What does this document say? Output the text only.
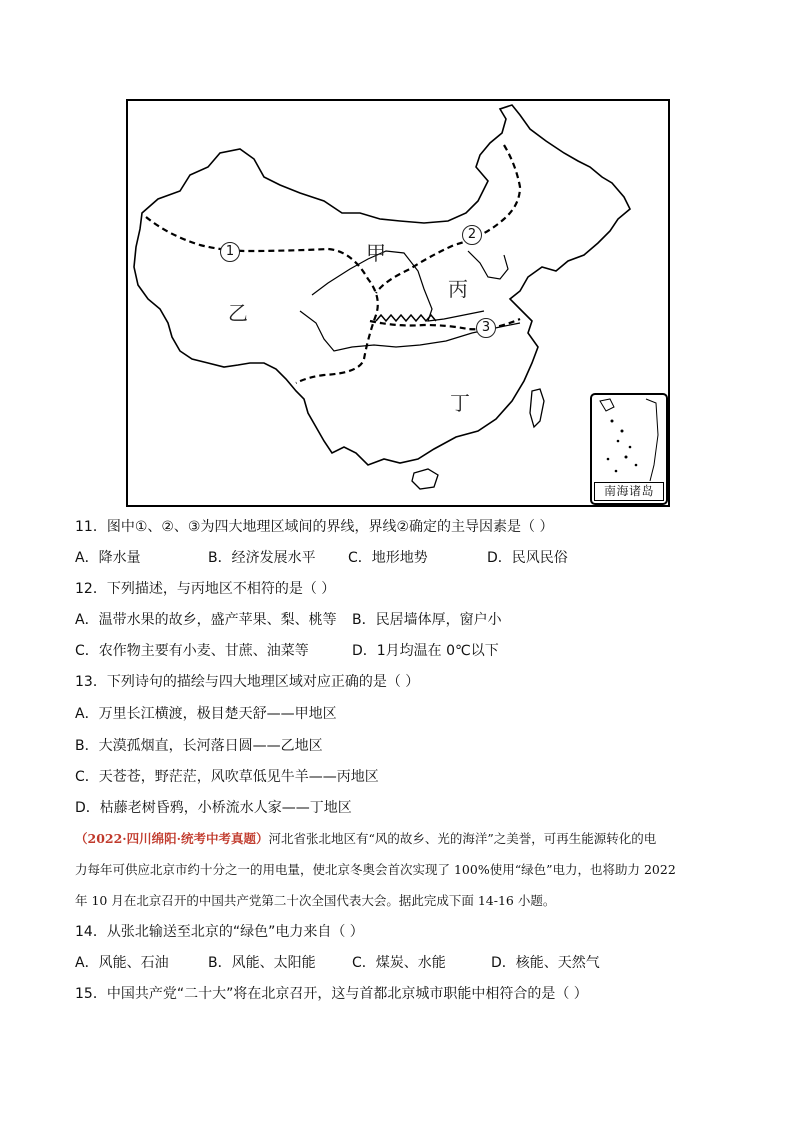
甲
乙
丙
丁
1
2
3
南海诸岛
11．图中①、②、③为四大地理区域间的界线，界线②确定的主导因素是（ ）
A．降水量	B．经济发展水平 C．地形地势	D．民风民俗
12．下列描述，与丙地区不相符的是（ ）
A．温带水果的故乡，盛产苹果、梨、桃等 B．民居墙体厚，窗户小
C．农作物主要有小麦、甘蔗、油菜等	D．1月均温在 0℃以下
13．下列诗句的描绘与四大地理区域对应正确的是（ ）
A．万里长江横渡，极目楚天舒——甲地区
B．大漠孤烟直，长河落日圆——乙地区
C．天苍苍，野茫茫，风吹草低见牛羊——丙地区
D．枯藤老树昏鸦，小桥流水人家——丁地区
（2022·四川绵阳·统考中考真题）河北省张北地区有“风的故乡、光的海洋”之美誉，可再生能源转化的电
力每年可供应北京市约十分之一的用电量，使北京冬奥会首次实现了 100%使用“绿色”电力，也将助力 2022
年 10 月在北京召开的中国共产党第二十次全国代表大会。据此完成下面 14-16 小题。
14．从张北输送至北京的“绿色”电力来自（ ）
A．风能、石油	B．风能、太阳能	C．煤炭、水能	D．核能、天然气
15．中国共产党“二十大”将在北京召开，这与首都北京城市职能中相符合的是（ ）
